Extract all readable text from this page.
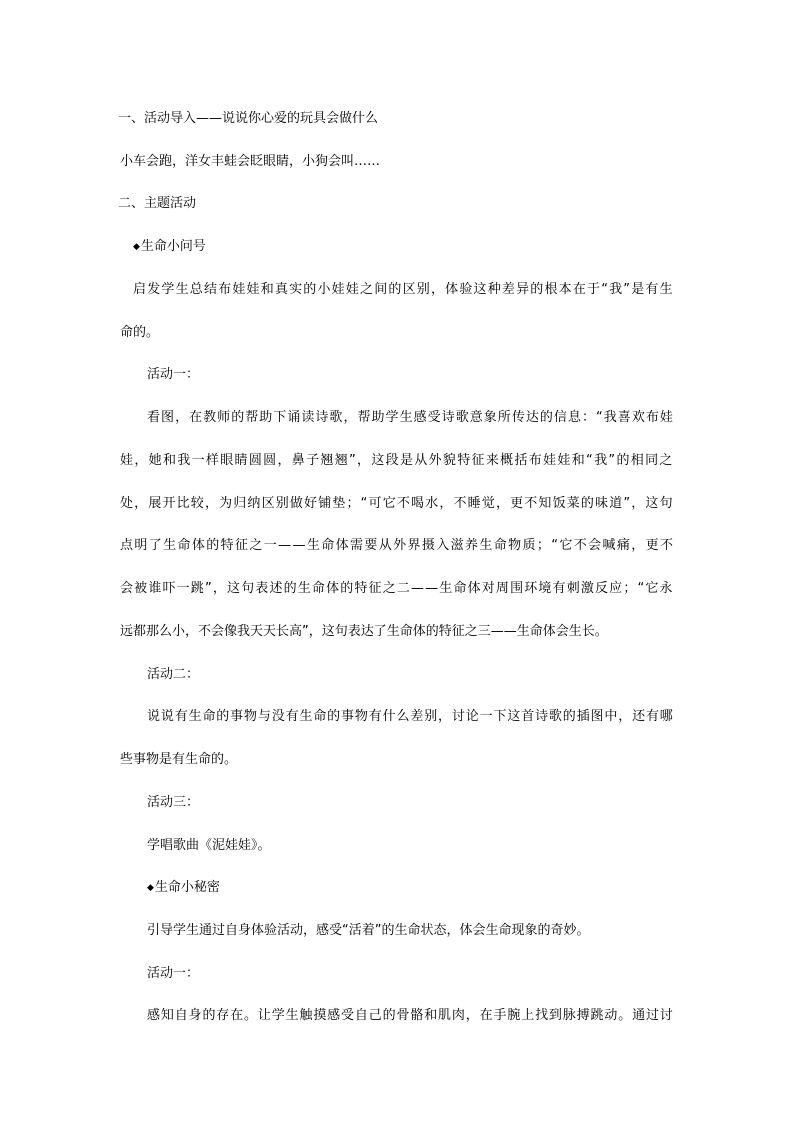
一、活动导入——说说你心爱的玩具会做什么
小车会跑，洋女丰蛙会眨眼睛，小狗会叫……
二、主题活动
◆生命小问号
启 发 学 生 总 结 布 娃 娃 和 真 实 的 小 娃 娃 之 间 的 区 别 ， 体 验 这 种 差 异 的 根 本 在 于 “ 我 ” 是 有 生
命的。
活动一：
看 图 ， 在 教 师 的 帮 助 下 诵 读 诗 歌 ， 帮 助 学 生 感 受 诗 歌 意 象 所 传 达 的 信 息 ： “ 我 喜 欢 布 娃
娃 ， 她 和 我 一 样 眼 睛 圆 圆 ， 鼻 子 翘 翘 ” ， 这 段 是 从 外 貌 特 征 来 概 括 布 娃 娃 和 “ 我 ” 的 相 同 之
处 ， 展 开 比 较 ， 为 归 纳 区 别 做 好 铺 垫 ； “ 可 它 不 喝 水 ， 不 睡 觉 ， 更 不 知 饭 菜 的 味 道 ” ， 这 句
点 明 了 生 命 体 的 特 征 之 一 — — 生 命 体 需 要 从 外 界 摄 入 滋 养 生 命 物 质 ； “ 它 不 会 喊 痛 ， 更 不
会 被 谁 吓 一 跳 ” ， 这 句 表 述 的 生 命 体 的 特 征 之 二 — — 生 命 体 对 周 围 环 境 有 刺 激 反 应 ； “ 它 永
远都那么小，不会像我天天长高”，这句表达了生命体的特征之三——生命体会生长。
活动二：
说 说 有 生 命 的 事 物 与 没 有 生 命 的 事 物 有 什 么 差 别 ， 讨 论 一 下 这 首 诗 歌 的 插 图 中 ， 还 有 哪
些事物是有生命的。
活动三：
学唱歌曲《泥娃娃》。
◆生命小秘密
引导学生通过自身体验活动，感受“活着”的生命状态，体会生命现象的奇妙。
活动一：
感 知 自 身 的 存 在 。 让 学 生 触 摸 感 受 自 己 的 骨 骼 和 肌 肉 ， 在 手 腕 上 找 到 脉 搏 跳 动 。 通 过 讨
